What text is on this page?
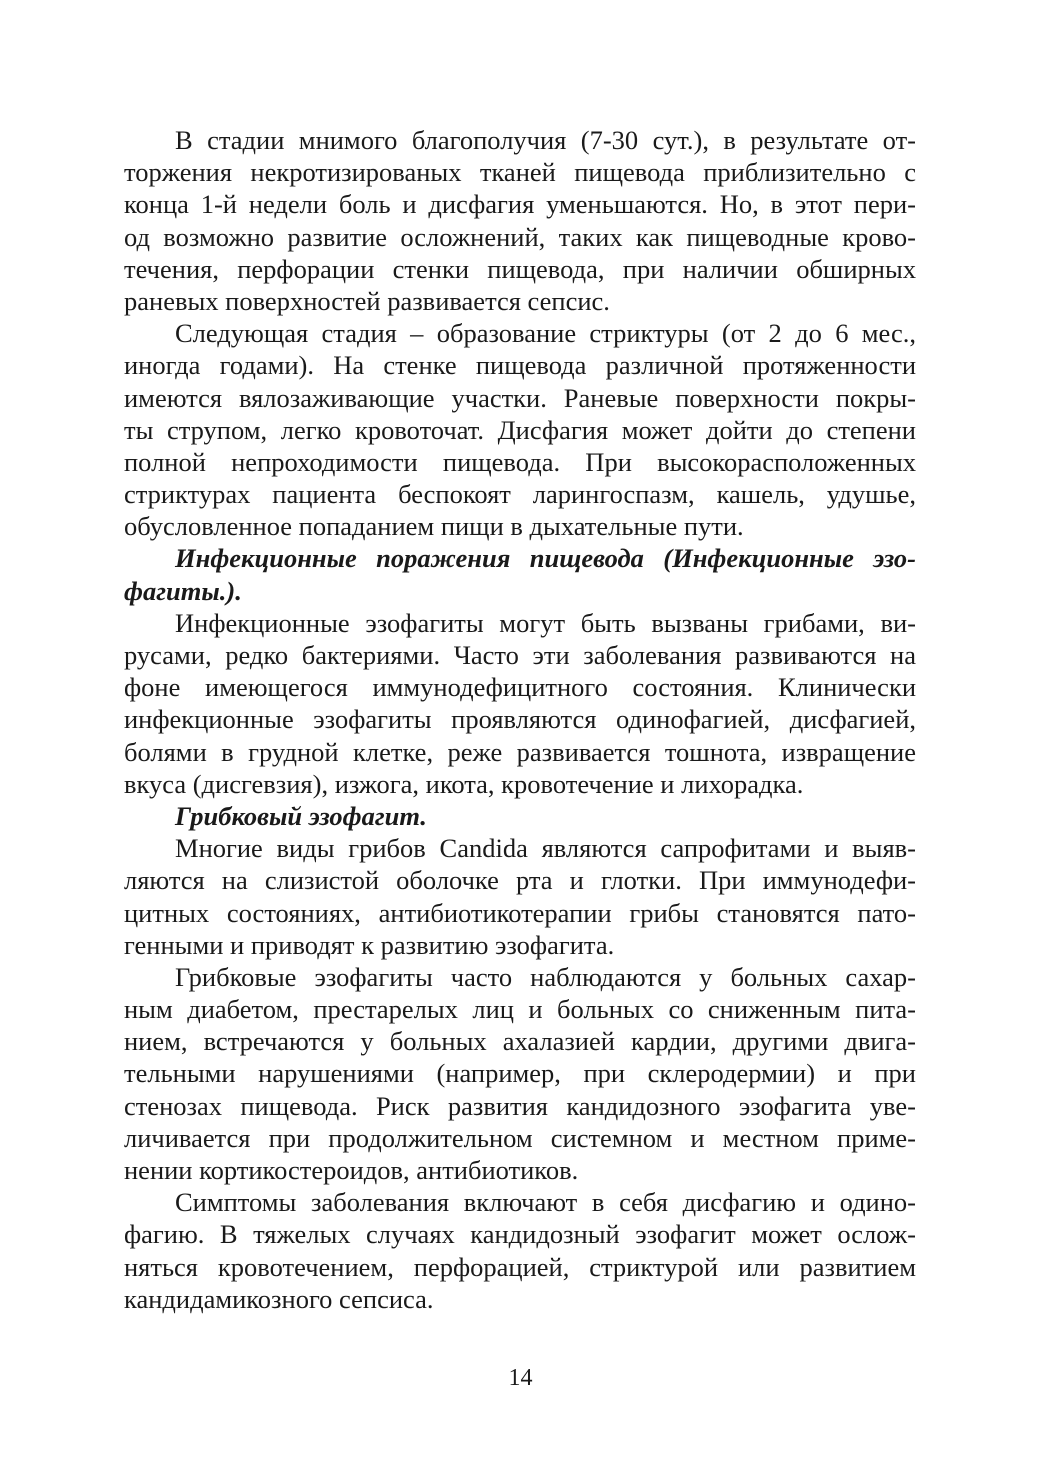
В стадии мнимого благополучия (7-30 сут.), в результате от-
торжения некротизированых тканей пищевода приблизительно с
конца 1-й недели боль и дисфагия уменьшаются. Но, в этот пери-
од возможно развитие осложнений, таких как пищеводные крово-
течения, перфорации стенки пищевода, при наличии обширных
раневых поверхностей развивается сепсис.
Следующая стадия – образование стриктуры (от 2 до 6 мес.,
иногда годами). На стенке пищевода различной протяженности
имеются вялозаживающие участки. Раневые поверхности покры-
ты струпом, легко кровоточат. Дисфагия может дойти до степени
полной непроходимости пищевода. При высокорасположенных
стриктурах пациента беспокоят ларингоспазм, кашель, удушье,
обусловленное попаданием пищи в дыхательные пути.
Инфекционные поражения пищевода (Инфекционные эзо-
фагиты.).
Инфекционные эзофагиты могут быть вызваны грибами, ви-
русами, редко бактериями. Часто эти заболевания развиваются на
фоне имеющегося иммунодефицитного состояния. Клинически
инфекционные эзофагиты проявляются одинофагией, дисфагией,
болями в грудной клетке, реже развивается тошнота, извращение
вкуса (дисгевзия), изжога, икота, кровотечение и лихорадка.
Грибковый эзофагит.
Многие виды грибов Candida являются сапрофитами и выяв-
ляются на слизистой оболочке рта и глотки. При иммунодефи-
цитных состояниях, антибиотикотерапии грибы становятся пато-
генными и приводят к развитию эзофагита.
Грибковые эзофагиты часто наблюдаются у больных сахар-
ным диабетом, престарелых лиц и больных со сниженным пита-
нием, встречаются у больных ахалазией кардии, другими двига-
тельными нарушениями (например, при склеродермии) и при
стенозах пищевода. Риск развития кандидозного эзофагита уве-
личивается при продолжительном системном и местном приме-
нении кортикостероидов, антибиотиков.
Симптомы заболевания включают в себя дисфагию и одино-
фагию. В тяжелых случаях кандидозный эзофагит может ослож-
няться кровотечением, перфорацией, стриктурой или развитием
кандидамикозного сепсиса.
14
